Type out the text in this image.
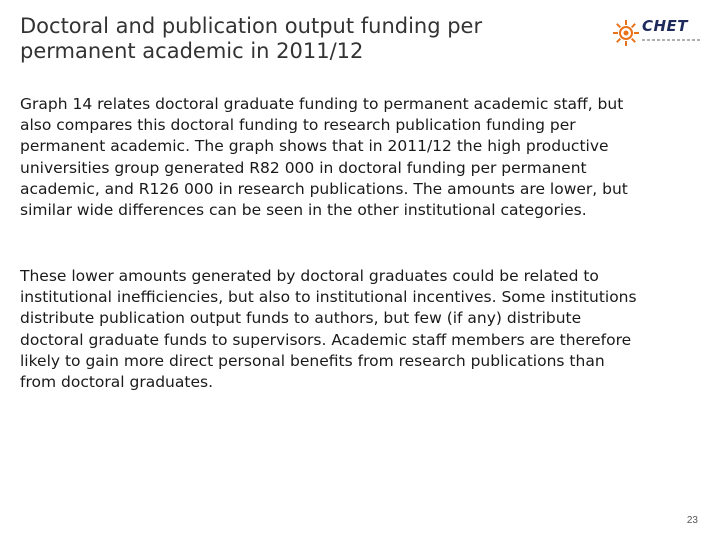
Doctoral and publication output funding per permanent academic in 2011/12
CHET

Graph 14 relates doctoral graduate funding to permanent academic staff, but also compares this doctoral funding to research publication funding per permanent academic. The graph shows that in 2011/12 the high productive universities group generated R82 000 in doctoral funding per permanent academic, and R126 000 in research publications. The amounts are lower, but similar wide differences can be seen in the other institutional categories.

These lower amounts generated by doctoral graduates could be related to institutional inefficiencies, but also to institutional incentives. Some institutions distribute publication output funds to authors, but few (if any) distribute doctoral graduate funds to supervisors. Academic staff members are therefore likely to gain more direct personal benefits from research publications than from doctoral graduates.

23
